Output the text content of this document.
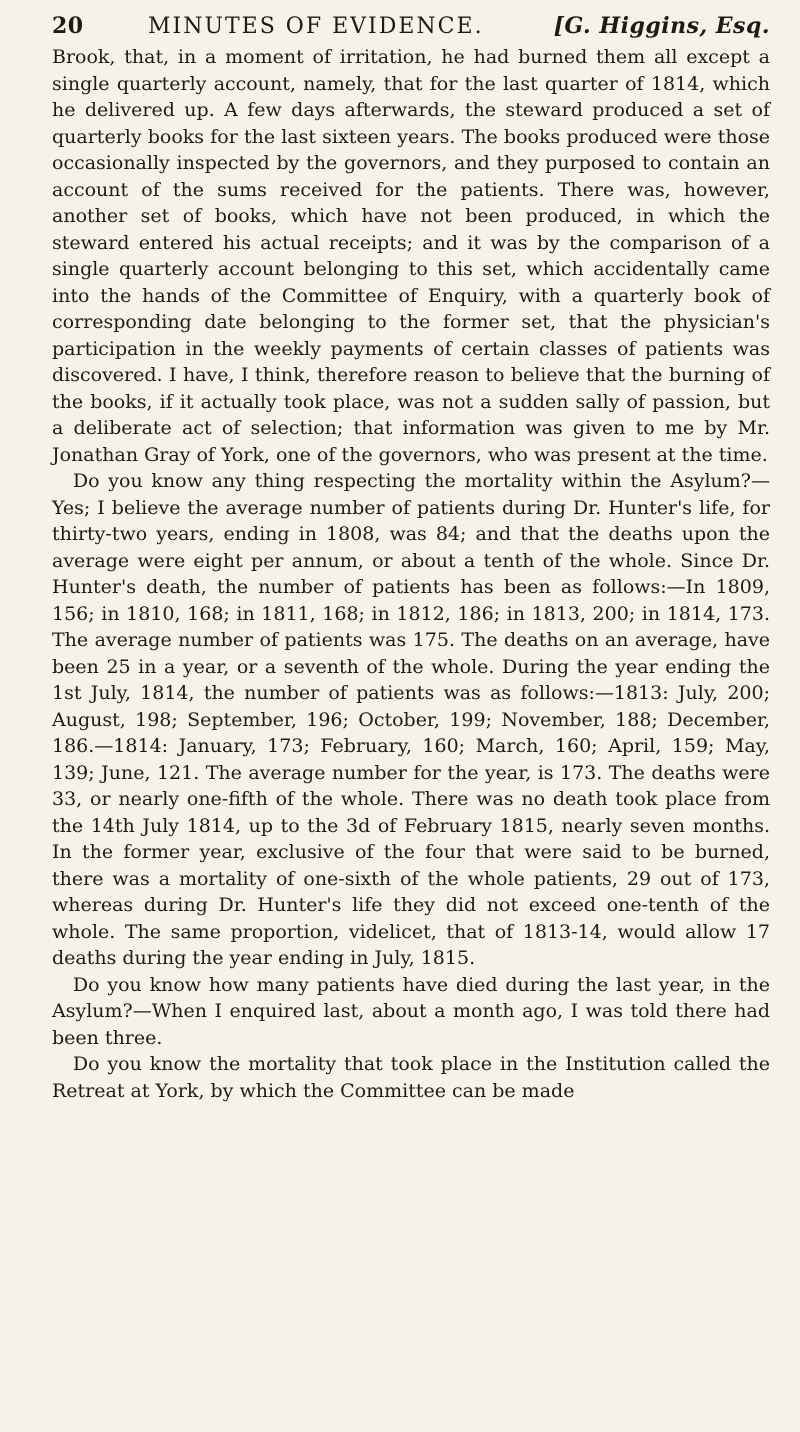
20	MINUTES OF EVIDENCE.	[G. Higgins, Esq.

Brook, that, in a moment of irritation, he had burned them all except a single quarterly account, namely, that for the last quarter of 1814, which he delivered up. A few days afterwards, the steward produced a set of quarterly books for the last sixteen years. The books produced were those occasionally inspected by the governors, and they purposed to contain an account of the sums received for the patients. There was, however, another set of books, which have not been produced, in which the steward entered his actual receipts; and it was by the comparison of a single quarterly account belonging to this set, which accidentally came into the hands of the Committee of Enquiry, with a quarterly book of corresponding date belonging to the former set, that the physician's participation in the weekly payments of certain classes of patients was discovered. I have, I think, therefore reason to believe that the burning of the books, if it actually took place, was not a sudden sally of passion, but a deliberate act of selection; that information was given to me by Mr. Jonathan Gray of York, one of the governors, who was present at the time.

Do you know any thing respecting the mortality within the Asylum?—Yes; I believe the average number of patients during Dr. Hunter's life, for thirty-two years, ending in 1808, was 84; and that the deaths upon the average were eight per annum, or about a tenth of the whole. Since Dr. Hunter's death, the number of patients has been as follows:—In 1809, 156; in 1810, 168; in 1811, 168; in 1812, 186; in 1813, 200; in 1814, 173. The average number of patients was 175. The deaths on an average, have been 25 in a year, or a seventh of the whole. During the year ending the 1st July, 1814, the number of patients was as follows:—1813: July, 200; August, 198; September, 196; October, 199; November, 188; December, 186.—1814: January, 173; February, 160; March, 160; April, 159; May, 139; June, 121. The average number for the year, is 173. The deaths were 33, or nearly one-fifth of the whole. There was no death took place from the 14th July 1814, up to the 3d of February 1815, nearly seven months. In the former year, exclusive of the four that were said to be burned, there was a mortality of one-sixth of the whole patients, 29 out of 173, whereas during Dr. Hunter's life they did not exceed one-tenth of the whole. The same proportion, videlicet, that of 1813-14, would allow 17 deaths during the year ending in July, 1815.

Do you know how many patients have died during the last year, in the Asylum?—When I enquired last, about a month ago, I was told there had been three.

Do you know the mortality that took place in the Institution called the Retreat at York, by which the Committee can be made
